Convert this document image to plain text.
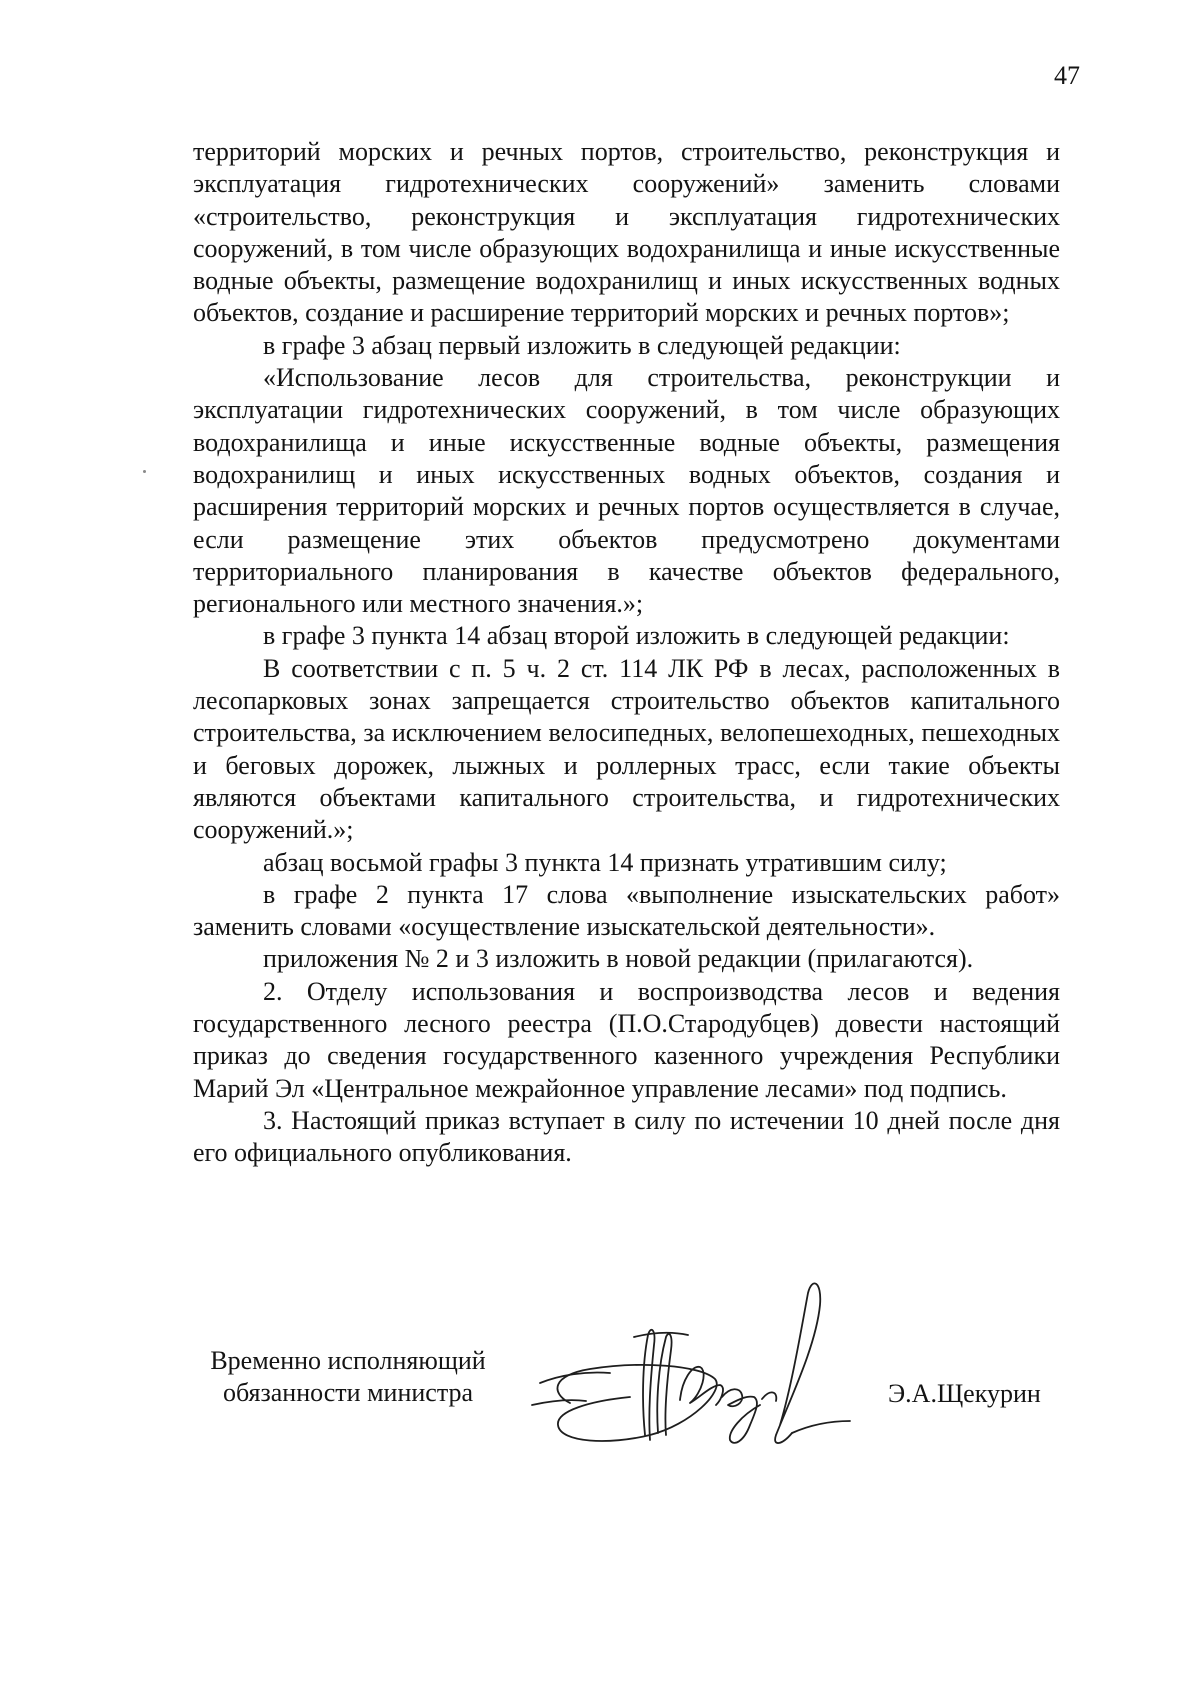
47

территорий морских и речных портов, строительство, реконструкция и эксплуатация гидротехнических сооружений» заменить словами «строительство, реконструкция и эксплуатация гидротехнических сооружений, в том числе образующих водохранилища и иные искусственные водные объекты, размещение водохранилищ и иных искусственных водных объектов, создание и расширение территорий морских и речных портов»;

в графе 3 абзац первый изложить в следующей редакции:

«Использование лесов для строительства, реконструкции и эксплуатации гидротехнических сооружений, в том числе образующих водохранилища и иные искусственные водные объекты, размещения водохранилищ и иных искусственных водных объектов, создания и расширения территорий морских и речных портов осуществляется в случае, если размещение этих объектов предусмотрено документами территориального планирования в качестве объектов федерального, регионального или местного значения.»;

в графе 3 пункта 14 абзац второй изложить в следующей редакции:

В соответствии с п. 5 ч. 2 ст. 114 ЛК РФ в лесах, расположенных в лесопарковых зонах запрещается строительство объектов капитального строительства, за исключением велосипедных, велопешеходных, пешеходных и беговых дорожек, лыжных и роллерных трасс, если такие объекты являются объектами капитального строительства, и гидротехнических сооружений.»;

абзац восьмой графы 3 пункта 14 признать утратившим силу;

в графе 2 пункта 17 слова «выполнение изыскательских работ» заменить словами «осуществление изыскательской деятельности».

приложения № 2 и 3 изложить в новой редакции (прилагаются).

2. Отделу использования и воспроизводства лесов и ведения государственного лесного реестра (П.О.Стародубцев) довести настоящий приказ до сведения государственного казенного учреждения Республики Марий Эл «Центральное межрайонное управление лесами» под подпись.

3. Настоящий приказ вступает в силу по истечении 10 дней после дня его официального опубликования.

Временно исполняющий
обязанности министра	Э.А.Щекурин
